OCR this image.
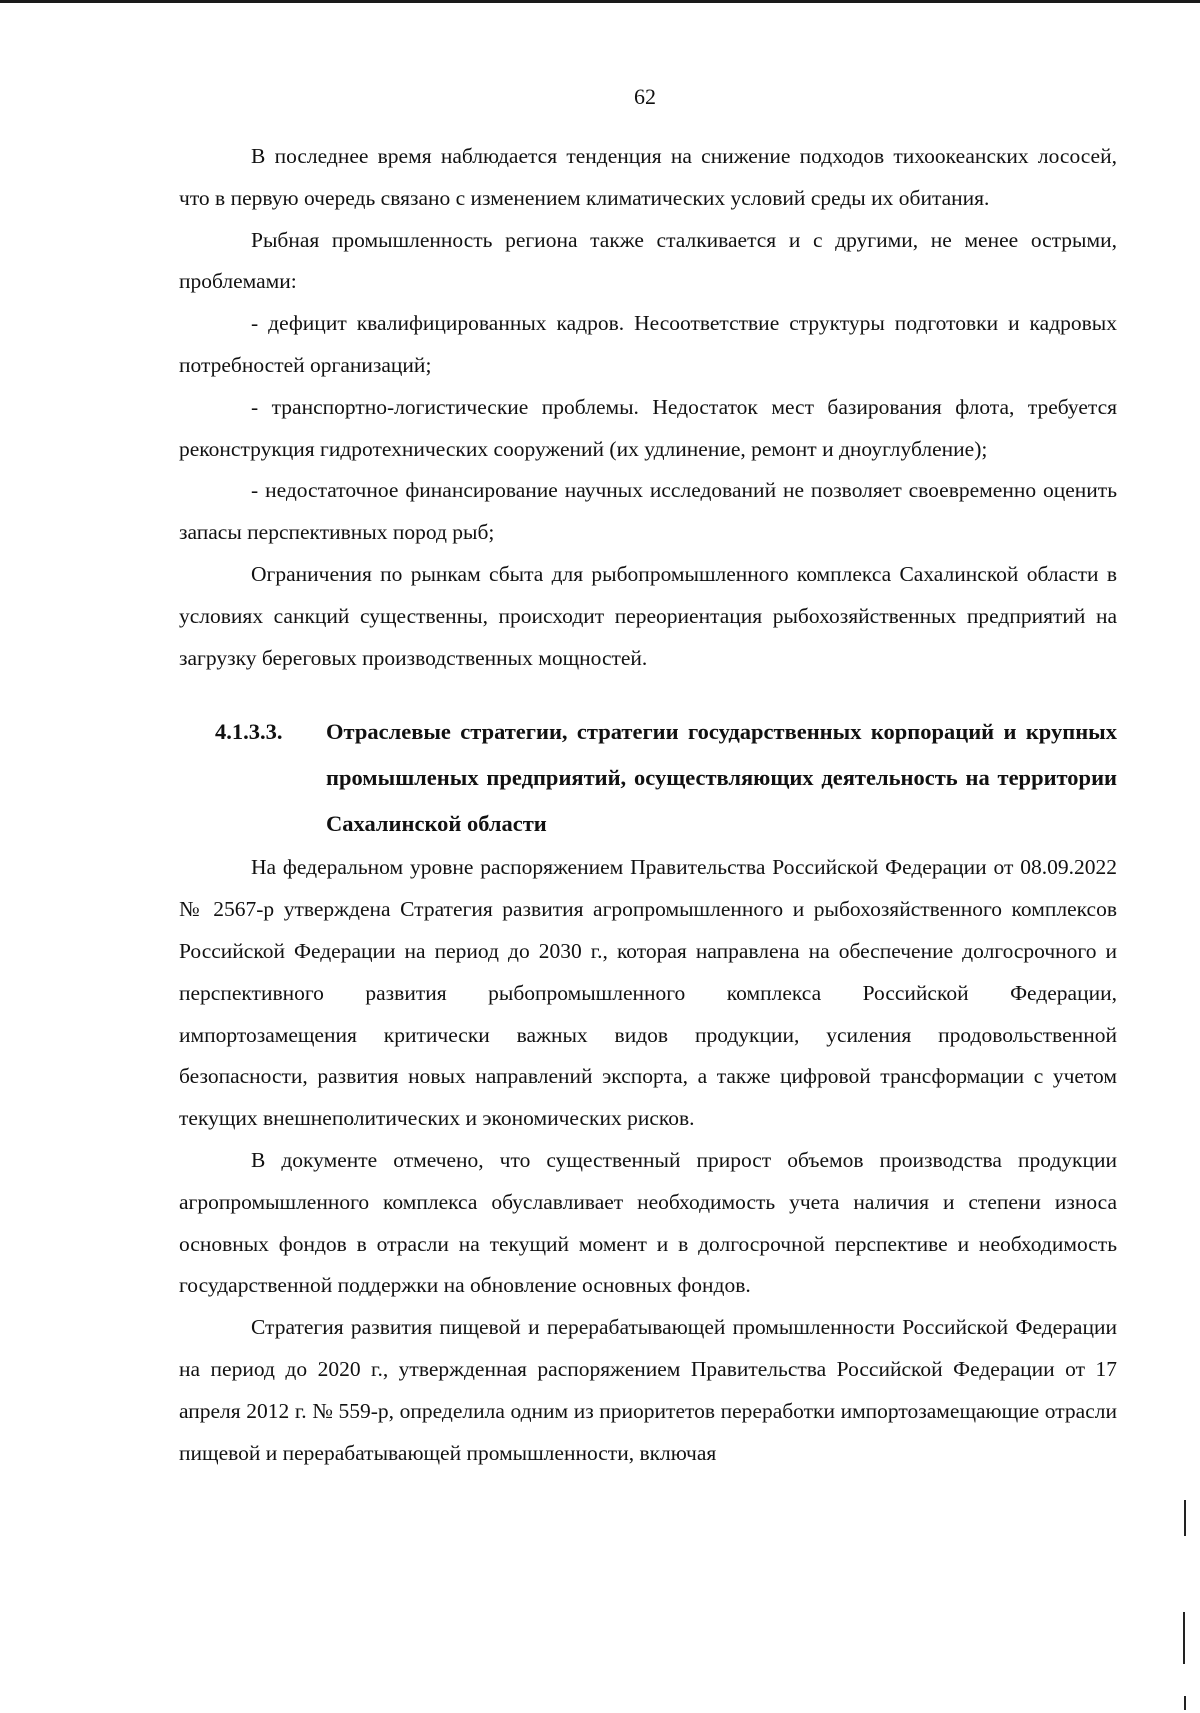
62

В последнее время наблюдается тенденция на снижение подходов тихоокеанских лососей, что в первую очередь связано с изменением климатических условий среды их обитания.

Рыбная промышленность региона также сталкивается и с другими, не менее острыми, проблемами:

- дефицит квалифицированных кадров. Несоответствие структуры подготовки и кадровых потребностей организаций;

- транспортно-логистические проблемы. Недостаток мест базирования флота, требуется реконструкция гидротехнических сооружений (их удлинение, ремонт и дноуглубление);

- недостаточное финансирование научных исследований не позволяет своевременно оценить запасы перспективных пород рыб;

Ограничения по рынкам сбыта для рыбопромышленного комплекса Сахалинской области в условиях санкций существенны, происходит переориентация рыбохозяйственных предприятий на загрузку береговых производственных мощностей.

4.1.3.3.	Отраслевые стратегии, стратегии государственных корпораций и крупных промышленых предприятий, осуществляющих деятельность на территории Сахалинской области

На федеральном уровне распоряжением Правительства Российской Федерации от 08.09.2022 № 2567-р утверждена Стратегия развития агропромышленного и рыбохозяйственного комплексов Российской Федерации на период до 2030 г., которая направлена на обеспечение долгосрочного и перспективного развития рыбопромышленного комплекса Российской Федерации, импортозамещения критически важных видов продукции, усиления продовольственной безопасности, развития новых направлений экспорта, а также цифровой трансформации с учетом текущих внешнеполитических и экономических рисков.

В документе отмечено, что существенный прирост объемов производства продукции агропромышленного комплекса обуславливает необходимость учета наличия и степени износа основных фондов в отрасли на текущий момент и в долгосрочной перспективе и необходимость государственной поддержки на обновление основных фондов.

Стратегия развития пищевой и перерабатывающей промышленности Российской Федерации на период до 2020 г., утвержденная распоряжением Правительства Российской Федерации от 17 апреля 2012 г. № 559-р, определила одним из приоритетов переработки импортозамещающие отрасли пищевой и перерабатывающей промышленности, включая
